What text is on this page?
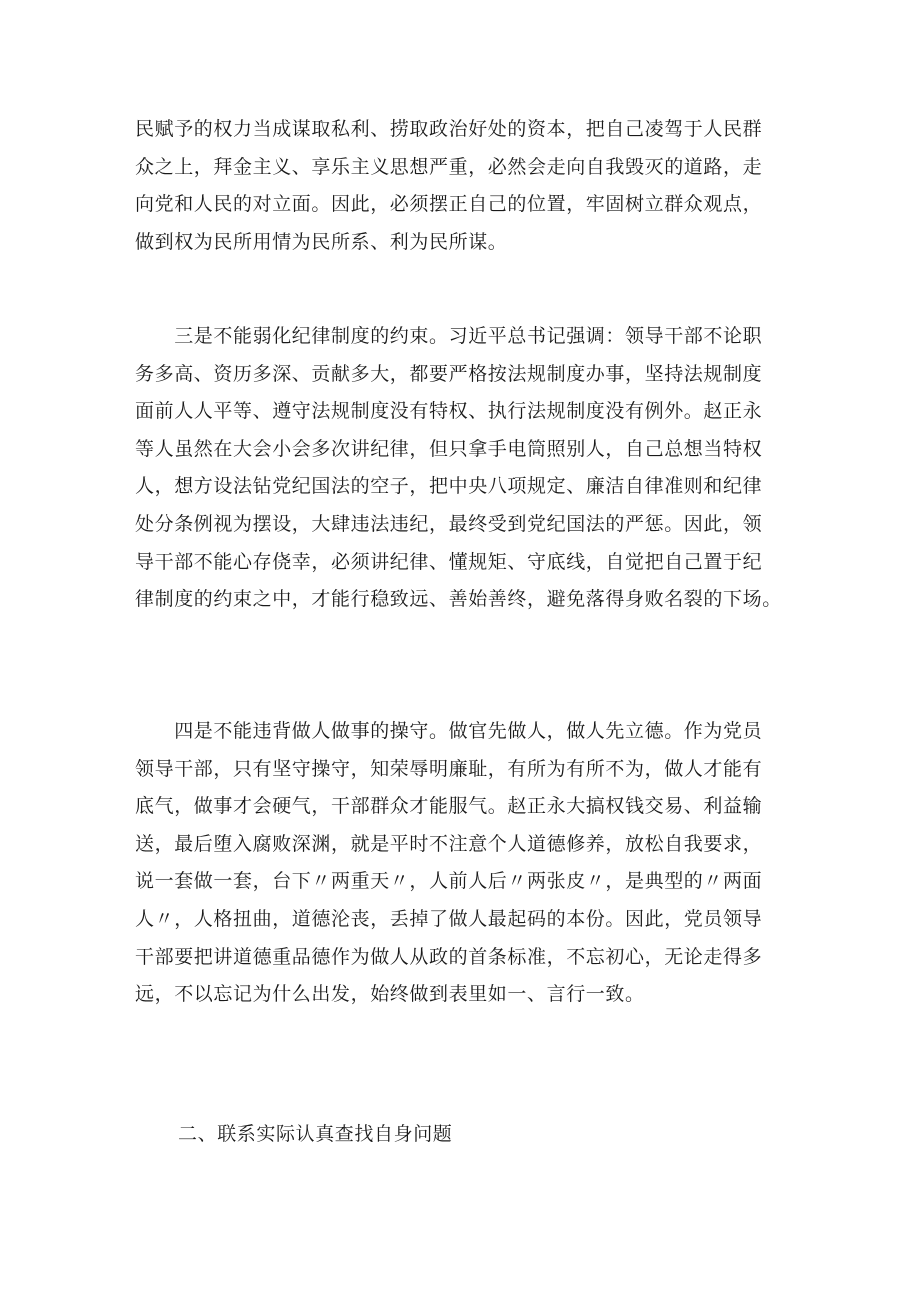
民赋予的权力当成谋取私利、捞取政治好处的资本，把自己凌驾于人民群
众之上，拜金主义、享乐主义思想严重，必然会走向自我毁灭的道路，走
向党和人民的对立面。因此，必须摆正自己的位置，牢固树立群众观点，
做到权为民所用情为民所系、利为民所谋。
　　三是不能弱化纪律制度的约束。习近平总书记强调：领导干部不论职
务多高、资历多深、贡献多大，都要严格按法规制度办事，坚持法规制度
面前人人平等、遵守法规制度没有特权、执行法规制度没有例外。赵正永
等人虽然在大会小会多次讲纪律，但只拿手电筒照别人，自己总想当特权
人，想方设法钻党纪国法的空子，把中央八项规定、廉洁自律准则和纪律
处分条例视为摆设，大肆违法违纪，最终受到党纪国法的严惩。因此，领
导干部不能心存侥幸，必须讲纪律、懂规矩、守底线，自觉把自己置于纪
律制度的约束之中，才能行稳致远、善始善终，避免落得身败名裂的下场。
　　四是不能违背做人做事的操守。做官先做人，做人先立德。作为党员
领导干部，只有坚守操守，知荣辱明廉耻，有所为有所不为，做人才能有
底气，做事才会硬气，干部群众才能服气。赵正永大搞权钱交易、利益输
送，最后堕入腐败深渊，就是平时不注意个人道德修养，放松自我要求，
说一套做一套，台下〃两重天〃，人前人后〃两张皮〃，是典型的〃两面
人〃，人格扭曲，道德沦丧，丢掉了做人最起码的本份。因此，党员领导
干部要把讲道德重品德作为做人从政的首条标准，不忘初心，无论走得多
远，不以忘记为什么出发，始终做到表里如一、言行一致。
二、联系实际认真查找自身问题
